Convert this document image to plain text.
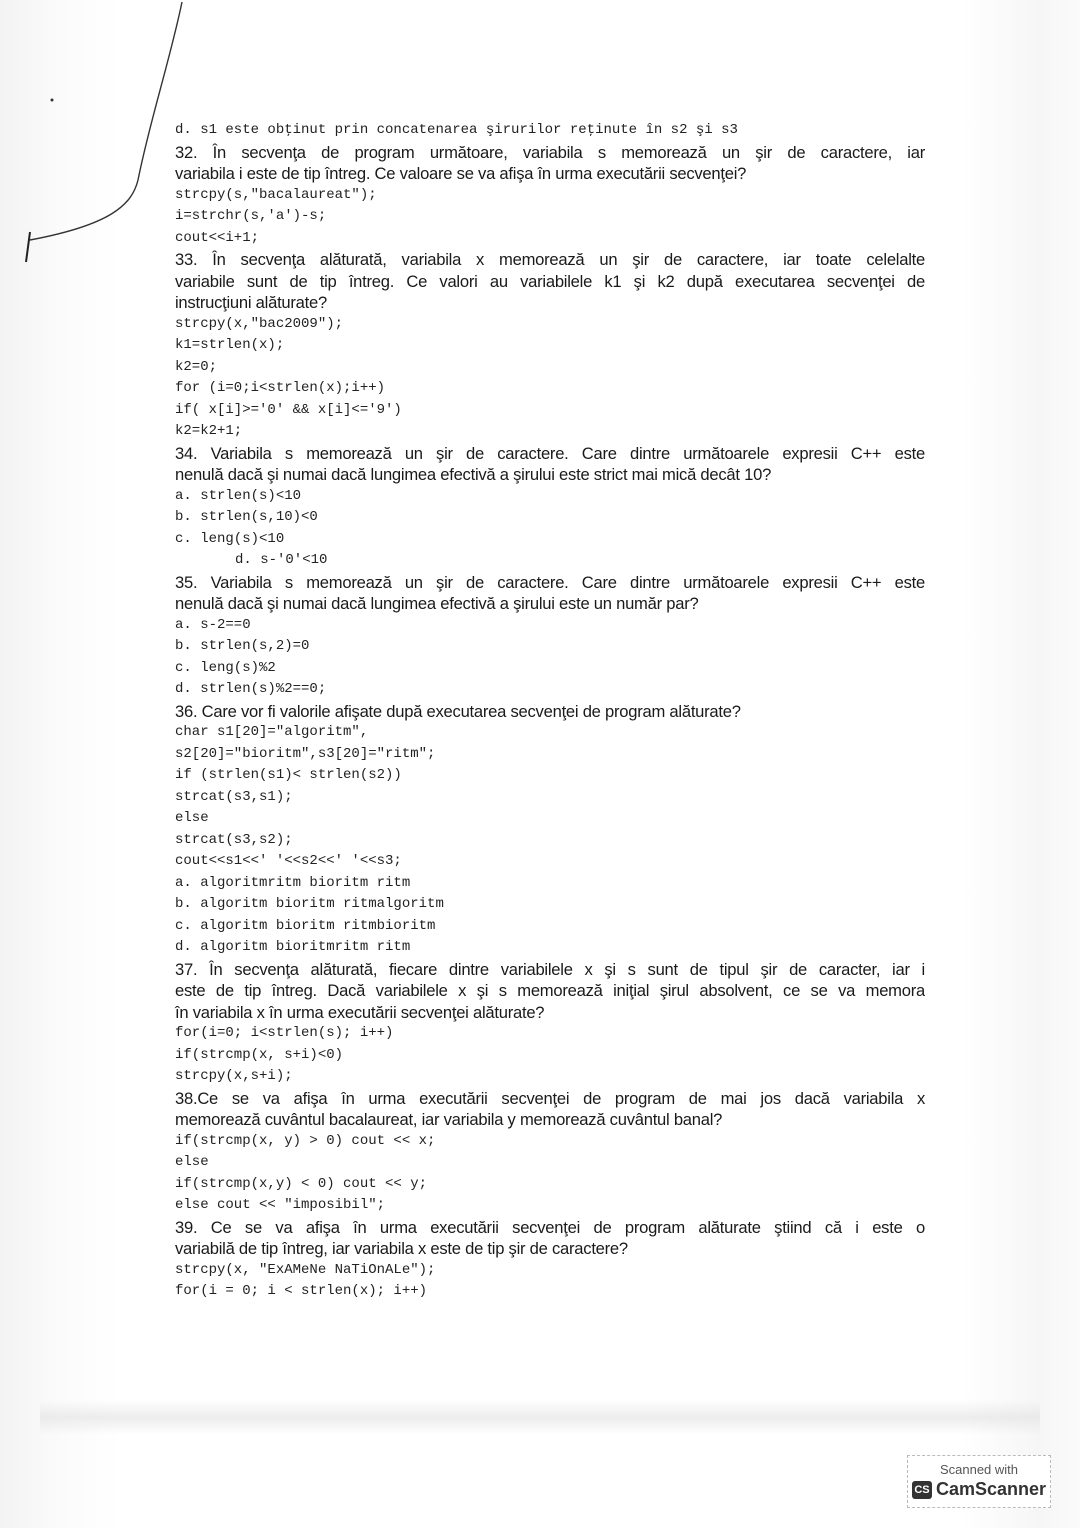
d. s1 este obţinut prin concatenarea şirurilor reţinute în s2 şi s3
32. În secvenţa de program următoare, variabila s memorează un şir de caractere, iar
variabila i este de tip întreg. Ce valoare se va afişa în urma executării secvenţei?
strcpy(s,"bacalaureat");
i=strchr(s,'a')-s;
cout<<i+1;
33. În secvenţa alăturată, variabila x memorează un şir de caractere, iar toate celelalte
variabile sunt de tip întreg. Ce valori au variabilele k1 şi k2 după executarea secvenţei de
instrucţiuni alăturate?
strcpy(x,"bac2009");
k1=strlen(x);
k2=0;
for (i=0;i<strlen(x);i++)
if( x[i]>='0' && x[i]<='9')
k2=k2+1;
34. Variabila s memorează un şir de caractere. Care dintre următoarele expresii C++ este
nenulă dacă şi numai dacă lungimea efectivă a şirului este strict mai mică decât 10?
a. strlen(s)<10
b. strlen(s,10)<0
c. leng(s)<10
d. s-'0'<10
35. Variabila s memorează un şir de caractere. Care dintre următoarele expresii C++ este
nenulă dacă şi numai dacă lungimea efectivă a şirului este un număr par?
a. s-2==0
b. strlen(s,2)=0
c. leng(s)%2
d. strlen(s)%2==0;
36. Care vor fi valorile afişate după executarea secvenţei de program alăturate?
char s1[20]="algoritm",
s2[20]="bioritm",s3[20]="ritm";
if (strlen(s1)< strlen(s2))
strcat(s3,s1);
else
strcat(s3,s2);
cout<<s1<<' '<<s2<<' '<<s3;
a. algoritmritm bioritm ritm
b. algoritm bioritm ritmalgoritm
c. algoritm bioritm ritmbioritm
d. algoritm bioritmritm ritm
37. În secvenţa alăturată, fiecare dintre variabilele x şi s sunt de tipul şir de caracter, iar i
este de tip întreg. Dacă variabilele x şi s memorează iniţial şirul absolvent, ce se va memora
în variabila x în urma executării secvenţei alăturate?
for(i=0; i<strlen(s); i++)
if(strcmp(x, s+i)<0)
strcpy(x,s+i);
38.Ce se va afişa în urma executării secvenţei de program de mai jos dacă variabila x
memorează cuvântul bacalaureat, iar variabila y memorează cuvântul banal?
if(strcmp(x, y) > 0) cout << x;
else
if(strcmp(x,y) < 0) cout << y;
else cout << "imposibil";
39. Ce se va afişa în urma executării secvenţei de program alăturate ştiind că i este o
variabilă de tip întreg, iar variabila x este de tip şir de caractere?
strcpy(x, "ExAMeNe NaTiOnALe");
for(i = 0; i < strlen(x); i++)
Scanned with
CS CamScanner
